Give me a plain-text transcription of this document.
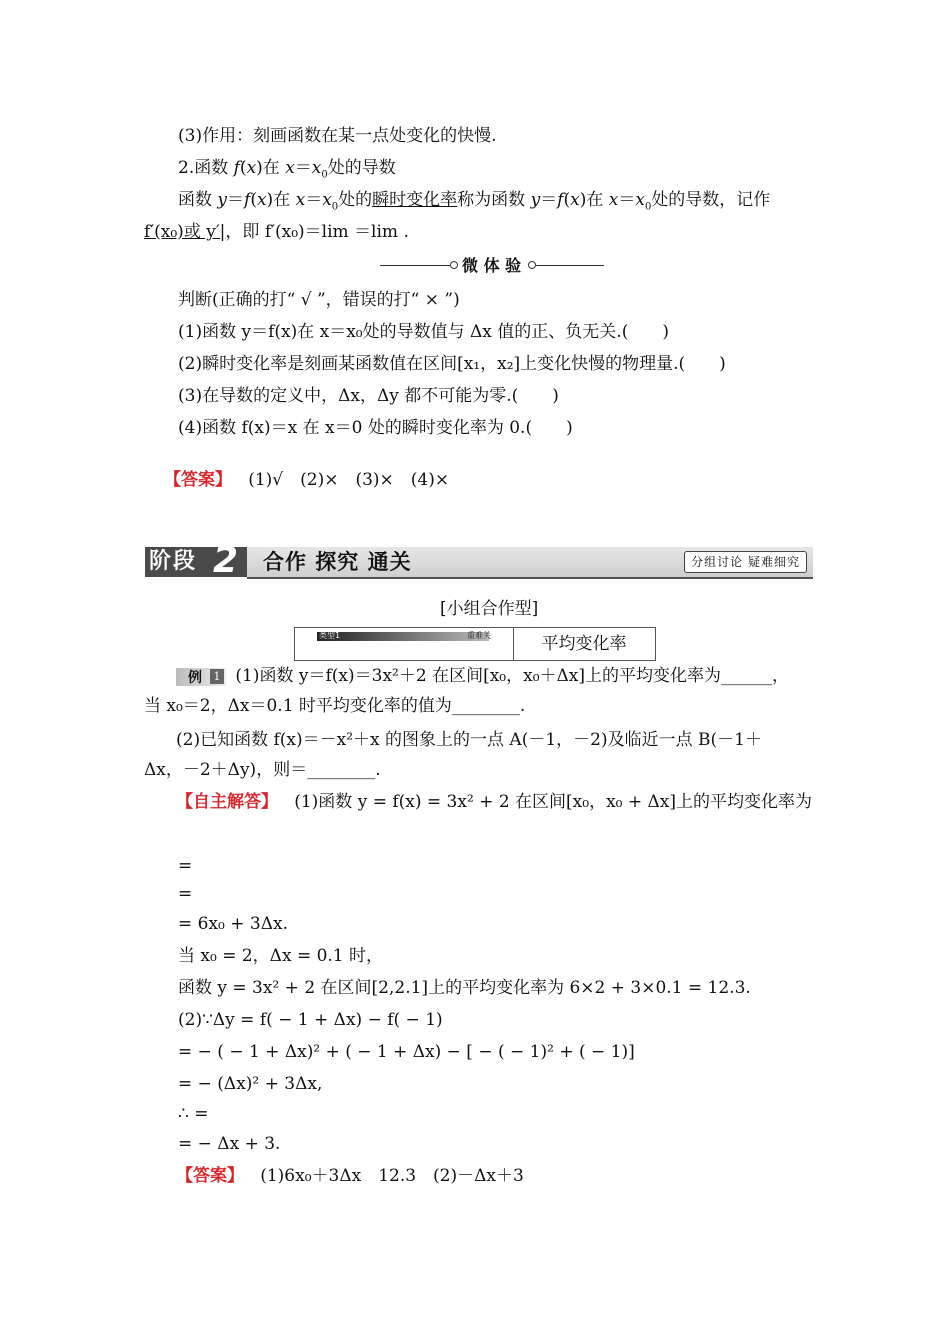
(3)作用：刻画函数在某一点处变化的快慢.
2.函数 f(x)在 $x=x_0$处的导数
函数 y＝f(x)在 $x=x_0$处的瞬时变化率称为函数 y＝f(x)在 $x=x_0$处的导数，记作
f′(x₀)或 y′|，即 f′(x₀)＝lim ＝lim .
微 体 验
判断(正确的打“ √ ”，错误的打“ × ”)
(1)函数 y＝f(x)在 x＝x₀处的导数值与 Δx 值的正、负无关.(　　)
(2)瞬时变化率是刻画某函数值在区间[x₁，x₂]上变化快慢的物理量.(　　)
(3)在导数的定义中，Δx，Δy 都不可能为零.(　　)
(4)函数 f(x)＝x 在 x＝0 处的瞬时变化率为 0.(　　)
【答案】 (1)√　(2)×　(3)×　(4)×
阶段 2 合作 探究 通关	分组讨论 疑难细究
[小组合作型]
类型1	重难关	平均变化率
例	1 (1)函数 y＝f(x)＝3x²＋2 在区间[x₀，x₀＋Δx]上的平均变化率为______，
当 x₀＝2，Δx＝0.1 时平均变化率的值为________.
(2)已知函数 f(x)＝－x²＋x 的图象上的一点 A(－1，－2)及临近一点 B(－1＋
Δx，－2＋Δy)，则＝________.
【自主解答】 (1)函数 y = f(x) = 3x² + 2 在区间[x₀，x₀ + Δx]上的平均变化率为
=
=
= 6x₀ + 3Δx.
当 x₀ = 2，Δx = 0.1 时，
函数 y = 3x² + 2 在区间[2,2.1]上的平均变化率为 6×2 + 3×0.1 = 12.3.
(2)∵Δy = f( − 1 + Δx) − f( − 1)
= − ( − 1 + Δx)² + ( − 1 + Δx) − [ − ( − 1)² + ( − 1)]
= − (Δx)² + 3Δx,
∴ =
= − Δx + 3.
【答案】 (1)6x₀＋3Δx　12.3　(2)－Δx＋3
